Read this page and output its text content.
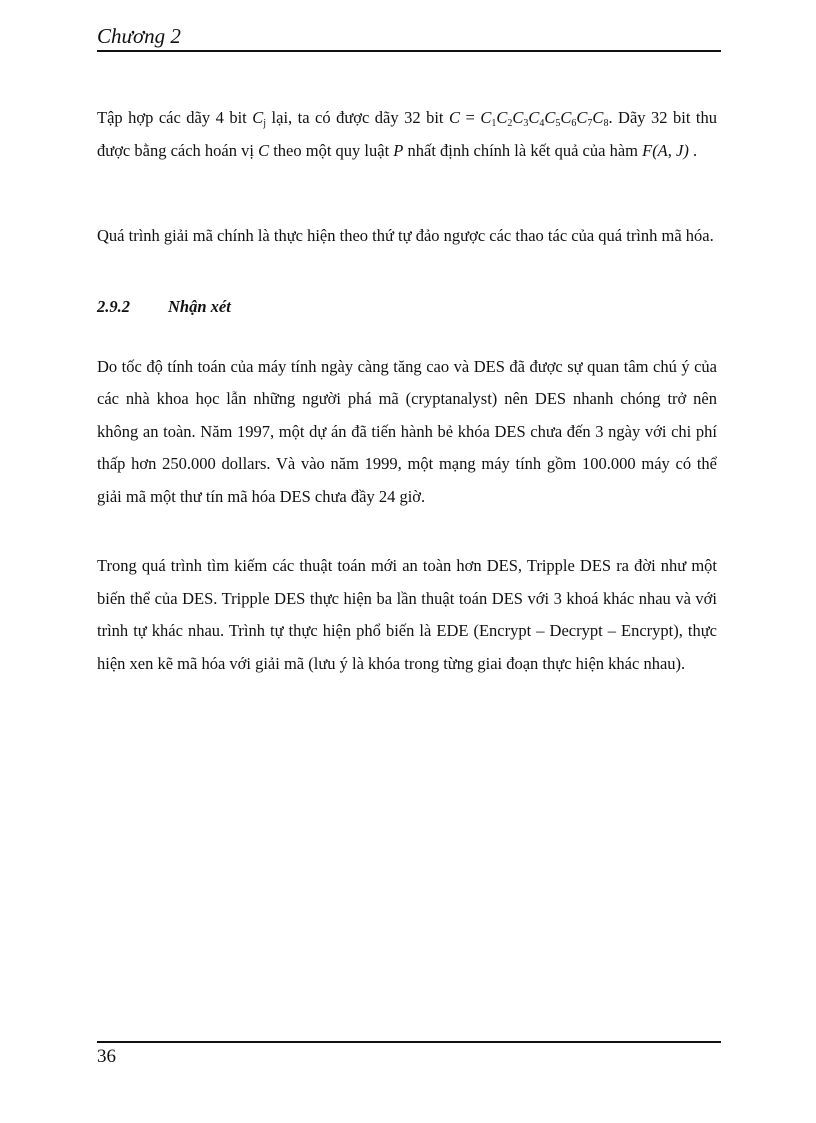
Chương 2

Tập hợp các dãy 4 bit $C_j$ lại, ta có được dãy 32 bit $C = C_1C_2C_3C_4C_5C_6C_7C_8$. Dãy 32 bit thu được bằng cách hoán vị C theo một quy luật P nhất định chính là kết quả của hàm F(A, J) .

Quá trình giải mã chính là thực hiện theo thứ tự đảo ngược các thao tác của quá trình mã hóa.

2.9.2 Nhận xét

Do tốc độ tính toán của máy tính ngày càng tăng cao và DES đã được sự quan tâm chú ý của các nhà khoa học lẫn những người phá mã (cryptanalyst) nên DES nhanh chóng trở nên không an toàn. Năm 1997, một dự án đã tiến hành bẻ khóa DES chưa đến 3 ngày với chi phí thấp hơn 250.000 dollars. Và vào năm 1999, một mạng máy tính gồm 100.000 máy có thể giải mã một thư tín mã hóa DES chưa đầy 24 giờ.

Trong quá trình tìm kiếm các thuật toán mới an toàn hơn DES, Tripple DES ra đời như một biến thể của DES. Tripple DES thực hiện ba lần thuật toán DES với 3 khoá khác nhau và với trình tự khác nhau. Trình tự thực hiện phổ biến là EDE (Encrypt – Decrypt – Encrypt), thực hiện xen kẽ mã hóa với giải mã (lưu ý là khóa trong từng giai đoạn thực hiện khác nhau).

36
